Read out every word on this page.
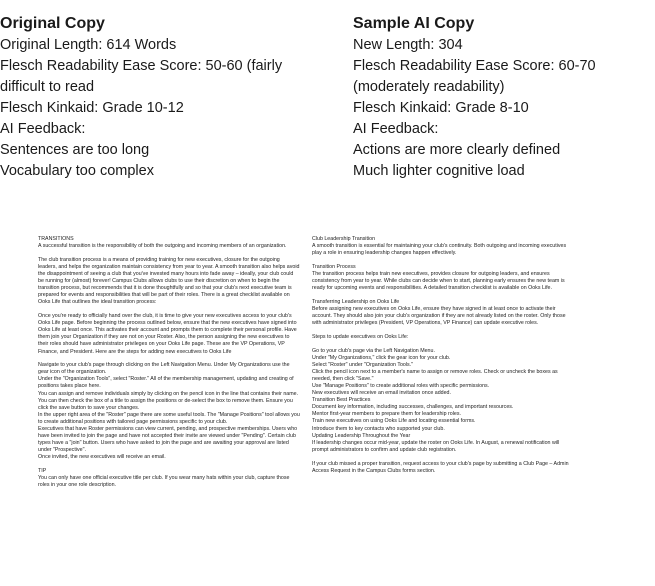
Original Copy
Original Length: 614 Words
Flesch Readability Ease Score: 50-60 (fairly
difficult to read
Flesch Kinkaid: Grade 10-12
AI Feedback:
Sentences are too long
Vocabulary too complex
Sample AI Copy
New Length: 304
Flesch Readability Ease Score: 60-70
(moderately readability)
Flesch Kinkaid: Grade 8-10
AI Feedback:
Actions are more clearly defined
Much lighter cognitive load

TRANSITIONS
A successful transition is the responsibility of both the outgoing and incoming members of an organization.

The club transition process is a means of providing training for new executives, closure for the outgoing leaders, and helps the organization maintain consistency from year to year. A smooth transition also helps avoid the disappointment of seeing a club that you've invested many hours into fade away – ideally, your club could be running for (almost) forever! Campus Clubs allows clubs to use their discretion on when to begin the transition process, but recommends that it is done thoughtfully and so that your club's next executive team is prepared for events and responsibilities that will be part of their roles. There is a great checklist available on Ooks Life that outlines the ideal transition process:

Once you're ready to officially hand over the club, it is time to give your new executives access to your club's Ooks Life page. Before beginning the process outlined below, ensure that the new executives have signed into Ooks Life at least once. This activates their account and prompts them to complete their personal profile. Have them join your Organization if they are not on your Roster. Also, the person assigning the new executives to their roles should have administrator privileges on your Ooks Life page. These are the VP Operations, VP Finance, and President. Here are the steps for adding new executives to Ooks Life

Navigate to your club's page through clicking on the Left Navigation Menu. Under My Organizations use the gear icon of the organization.
Under the "Organization Tools", select "Roster." All of the membership management, updating and creating of positions takes place here.
You can assign and remove individuals simply by clicking on the pencil icon in the line that contains their name. You can then check the box of a title to assign the positions or de-select the box to remove them. Ensure you click the save button to save your changes.
In the upper right area of the "Roster" page there are some useful tools. The "Manage Positions" tool allows you to create additional positions with tailored page permissions specific to your club.
Executives that have Roster permissions can view current, pending, and prospective memberships. Users who have been invited to join the page and have not accepted their invite are viewed under "Pending". Certain club types have a "join" button. Users who have asked to join the page and are awaiting your approval are listed under "Prospective".
Once invited, the new executives will receive an email.

TIP
You can only have one official executive title per club. If you wear many hats within your club, capture those roles in your one role description.

Club Leadership Transition
A smooth transition is essential for maintaining your club's continuity. Both outgoing and incoming executives play a role in ensuring leadership changes happen effectively.

Transition Process
The transition process helps train new executives, provides closure for outgoing leaders, and ensures consistency from year to year. While clubs can decide when to start, planning early ensures the new team is ready for upcoming events and responsibilities. A detailed transition checklist is available on Ooks Life.

Transferring Leadership on Ooks Life
Before assigning new executives on Ooks Life, ensure they have signed in at least once to activate their account. They should also join your club's organization if they are not already listed on the roster. Only those with administrator privileges (President, VP Operations, VP Finance) can update executive roles.

Steps to update executives on Ooks Life:

Go to your club's page via the Left Navigation Menu.
Under "My Organizations," click the gear icon for your club.
Select "Roster" under "Organization Tools."
Click the pencil icon next to a member's name to assign or remove roles. Check or uncheck the boxes as needed, then click "Save."
Use "Manage Positions" to create additional roles with specific permissions.
New executives will receive an email invitation once added.
Transition Best Practices
Document key information, including successes, challenges, and important resources.
Mentor first-year members to prepare them for leadership roles.
Train new executives on using Ooks Life and locating essential forms.
Introduce them to key contacts who supported your club.
Updating Leadership Throughout the Year
If leadership changes occur mid-year, update the roster on Ooks Life. In August, a renewal notification will prompt administrators to confirm and update club registration.

If your club missed a proper transition, request access to your club's page by submitting a Club Page – Admin Access Request in the Campus Clubs forms section.
